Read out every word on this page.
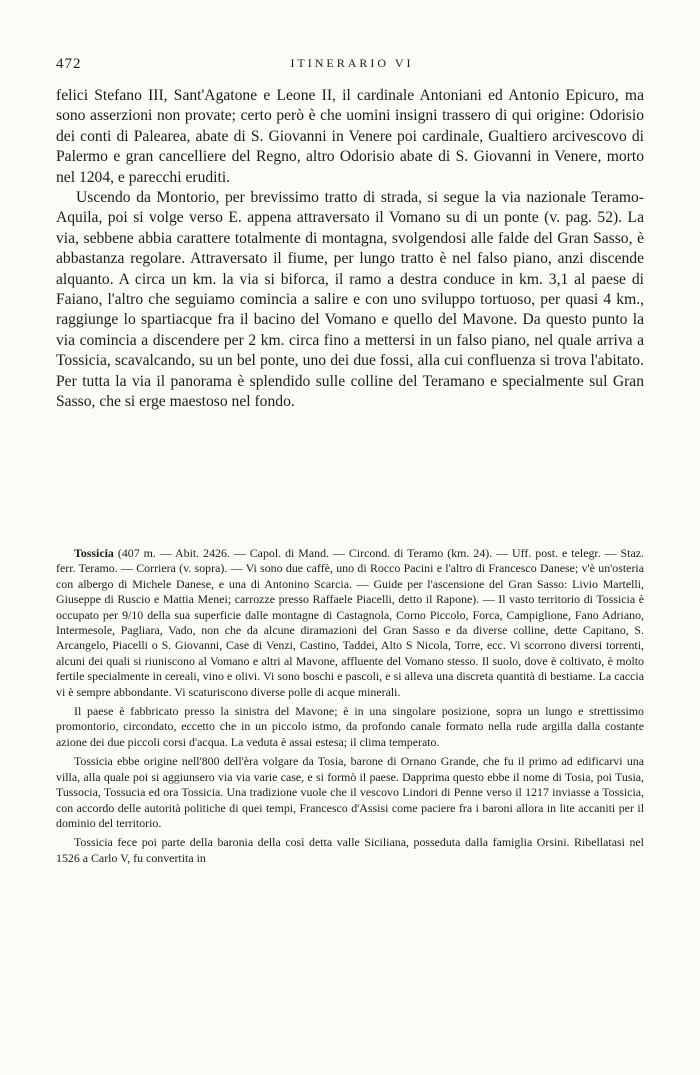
472	ITINERARIO VI

felici Stefano III, Sant'Agatone e Leone II, il cardinale Antoniani ed Antonio Epicuro, ma sono asserzioni non provate; certo però è che uomini insigni trassero di qui origine: Odorisio dei conti di Palearea, abate di S. Giovanni in Venere poi cardinale, Gualtiero arcivescovo di Palermo e gran cancelliere del Regno, altro Odorisio abate di S. Giovanni in Venere, morto nel 1204, e parecchi eruditi.

Uscendo da Montorio, per brevissimo tratto di strada, si segue la via nazionale Teramo-Aquila, poi si volge verso E. appena attraversato il Vomano su di un ponte (v. pag. 52). La via, sebbene abbia carattere totalmente di montagna, svolgendosi alle falde del Gran Sasso, è abbastanza regolare. Attraversato il fiume, per lungo tratto è nel falso piano, anzi discende alquanto. A circa un km. la via si biforca, il ramo a destra conduce in km. 3,1 al paese di Faiano, l'altro che seguiamo comincia a salire e con uno sviluppo tortuoso, per quasi 4 km., raggiunge lo spartiacque fra il bacino del Vomano e quello del Mavone. Da questo punto la via comincia a discendere per 2 km. circa fino a mettersi in un falso piano, nel quale arriva a Tossicia, scavalcando, su un bel ponte, uno dei due fossi, alla cui confluenza si trova l'abitato. Per tutta la via il panorama è splendido sulle colline del Teramano e specialmente sul Gran Sasso, che si erge maestoso nel fondo.

Tossicia (407 m. — Abit. 2426. — Capol. di Mand. — Circond. di Teramo (km. 24). — Uff. post. e telegr. — Staz. ferr. Teramo. — Corriera (v. sopra). — Vi sono due caffè, uno di Rocco Pacini e l'altro di Francesco Danese; v'è un'osteria con albergo di Michele Danese, e una di Antonino Scarcia. — Guide per l'ascensione del Gran Sasso: Livio Martelli, Giuseppe di Ruscio e Mattia Menei; carrozze presso Raffaele Piacelli, detto il Rapone). — Il vasto territorio di Tossicia è occupato per 9/10 della sua superficie dalle montagne di Castagnola, Corno Piccolo, Forca, Campiglione, Fano Adriano, Intermesole, Pagliara, Vado, non che da alcune diramazioni del Gran Sasso e da diverse colline, dette Capitano, S. Arcangelo, Piacelli o S. Giovanni, Case di Venzi, Castino, Taddei, Alto S Nicola, Torre, ecc. Vi scorrono diversi torrenti, alcuni dei quali si riuniscono al Vomano e altri al Mavone, affluente del Vomano stesso. Il suolo, dove è coltivato, è molto fertile specialmente in cereali, vino e olivi. Vi sono boschi e pascoli, e si alleva una discreta quantità di bestiame. La caccia vi è sempre abbondante. Vi scaturiscono diverse polle di acque minerali.

Il paese è fabbricato presso la sinistra del Mavone; è in una singolare posizione, sopra un lungo e strettissimo promontorio, circondato, eccetto che in un piccolo istmo, da profondo canale formato nella rude argilla dalla costante azione dei due piccoli corsi d'acqua. La veduta è assai estesa; il clima temperato.

Tossicia ebbe origine nell'800 dell'èra volgare da Tosia, barone di Ornano Grande, che fu il primo ad edificarvi una villa, alla quale poi si aggiunsero via via varie case, e si formò il paese. Dapprima questo ebbe il nome di Tosia, poi Tusia, Tussocia, Tossucia ed ora Tossicia. Una tradizione vuole che il vescovo Lindori di Penne verso il 1217 inviasse a Tossicia, con accordo delle autorità politiche di quei tempi, Francesco d'Assisi come paciere fra i baroni allora in lite accaniti per il dominio del territorio.

Tossicia fece poi parte della baronia della così detta valle Siciliana, posseduta dalla famiglia Orsini. Ribellatasi nel 1526 a Carlo V, fu convertita in
